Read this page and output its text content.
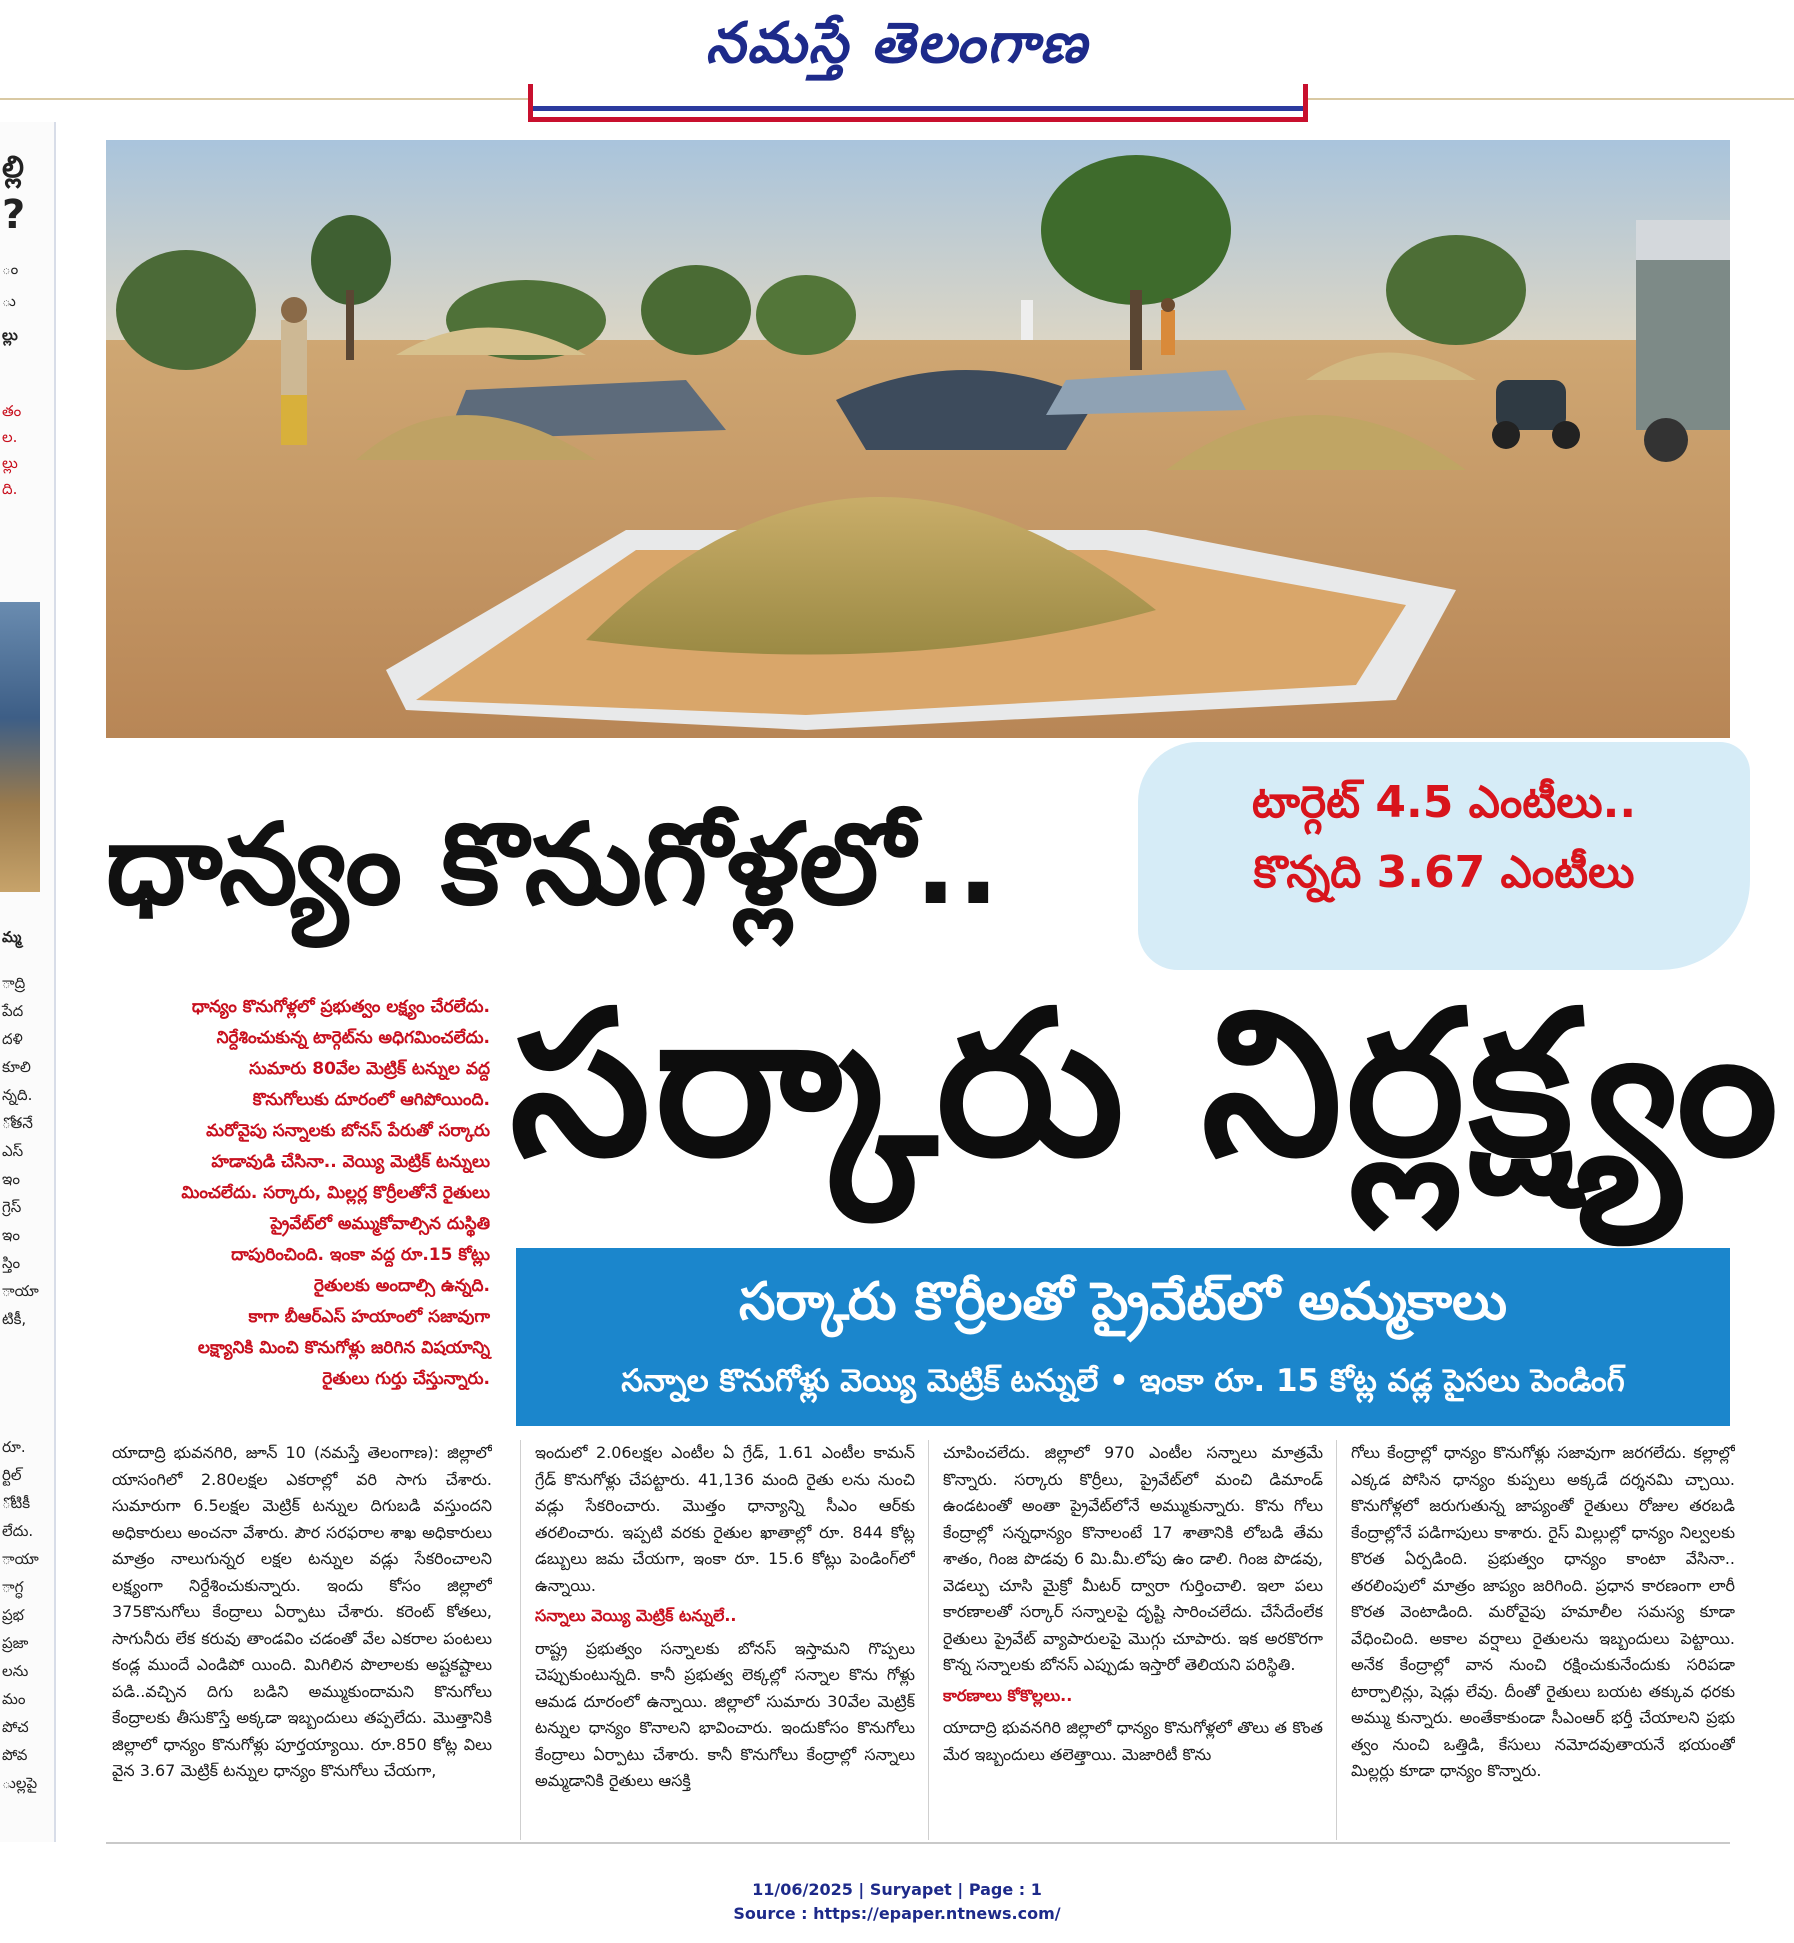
నమస్తే తెలంగాణ
ల్లి
?
ం
ు
ల్లు
తం
ల.
ల్లు
ది.
మ్మ
ాద్రి
పేద
దళి
కూలి
న్నది.
ోతనే
ఎస్
ఇం
గ్రెస్
ఇం
స్తిం
ాయా
టికీ,
రూ.
ర్టిల్
ోటికీ
లేదు.
ాయా
ాగ్ధ
ప్రభ
ప్రజా
లను
మం
పోచ
పోవ
ుల్లపై
ధాన్యం కొనుగోళ్లలో..	టార్గెట్ 4.5 ఎంటీలు..
కొన్నది 3.67 ఎంటీలు
సర్కారు నిర్లక్ష్యం
ధాన్యం కొనుగోళ్లలో ప్రభుత్వం లక్ష్యం చేరలేదు.
నిర్దేశించుకున్న టార్గెట్‌ను అధిగమించలేదు.
సుమారు 80వేల మెట్రిక్ టన్నుల వద్ద
కొనుగోలుకు దూరంలో ఆగిపోయింది.
మరోవైపు సన్నాలకు బోనస్ పేరుతో సర్కారు
హడావుడి చేసినా.. వెయ్యి మెట్రిక్ టన్నులు
మించలేదు. సర్కారు, మిల్లర్ల కొర్రీలతోనే రైతులు
ప్రైవేట్‌లో అమ్ముకోవాల్సిన దుస్థితి
దాపురించింది. ఇంకా వద్ద రూ.15 కోట్లు
రైతులకు అందాల్సి ఉన్నది.
కాగా బీఆర్ఎస్ హయాంలో సజావుగా
లక్ష్యానికి మించి కొనుగోళ్లు జరిగిన విషయాన్ని
రైతులు గుర్తు చేస్తున్నారు.
సర్కారు కొర్రీలతో ప్రైవేట్‌లో అమ్మకాలు
సన్నాల కొనుగోళ్లు వెయ్యి మెట్రిక్ టన్నులే • ఇంకా రూ. 15 కోట్ల వడ్ల పైసలు పెండింగ్

యాదాద్రి భువనగిరి, జూన్ 10 (నమస్తే తెలంగాణ): జిల్లాలో యాసంగిలో 2.80లక్షల ఎకరాల్లో వరి సాగు చేశారు. సుమారుగా 6.5లక్షల మెట్రిక్ టన్నుల దిగుబడి వస్తుందని అధికారులు అంచనా వేశారు. పౌర సరఫరాల శాఖ అధికారులు మాత్రం నాలుగున్నర లక్షల టన్నుల వడ్లు సేకరించాలని లక్ష్యంగా నిర్దేశించుకున్నారు. ఇందు కోసం జిల్లాలో 375కొనుగోలు కేంద్రాలు ఏర్పాటు చేశారు. కరెంట్ కోతలు, సాగునీరు లేక కరువు తాండవిం చడంతో వేల ఎకరాల పంటలు కండ్ల ముందే ఎండిపో యింది. మిగిలిన పొలాలకు అష్టకష్టాలు పడి..వచ్చిన దిగు బడిని అమ్ముకుందామని కొనుగోలు కేంద్రాలకు తీసుకొస్తే అక్కడా ఇబ్బందులు తప్పలేదు. మొత్తానికి జిల్లాలో ధాన్యం కొనుగోళ్లు పూర్తయ్యాయి. రూ.850 కోట్ల విలు వైన 3.67 మెట్రిక్ టన్నుల ధాన్యం కొనుగోలు చేయగా,

ఇందులో 2.06లక్షల ఎంటీల ఏ గ్రేడ్, 1.61 ఎంటీల కామన్ గ్రేడ్ కొనుగోళ్లు చేపట్టారు. 41,136 మంది రైతు లను నుంచి వడ్లు సేకరించారు. మొత్తం ధాన్యాన్ని సీఎం ఆర్‌కు తరలించారు. ఇప్పటి వరకు రైతుల ఖాతాల్లో రూ. 844 కోట్ల డబ్బులు జమ చేయగా, ఇంకా రూ. 15.6 కోట్లు పెండింగ్‌లో ఉన్నాయి.

సన్నాలు వెయ్యి మెట్రిక్ టన్నులే..

రాష్ట్ర ప్రభుత్వం సన్నాలకు బోనస్ ఇస్తామని గొప్పలు చెప్పుకుంటున్నది. కానీ ప్రభుత్వ లెక్కల్లో సన్నాల కొను గోళ్లు ఆమడ దూరంలో ఉన్నాయి. జిల్లాలో సుమారు 30వేల మెట్రిక్ టన్నుల ధాన్యం కొనాలని భావించారు. ఇందుకోసం కొనుగోలు కేంద్రాలు ఏర్పాటు చేశారు. కానీ కొనుగోలు కేంద్రాల్లో సన్నాలు అమ్మడానికి రైతులు ఆసక్తి

చూపించలేదు. జిల్లాలో 970 ఎంటీల సన్నాలు మాత్రమే కొన్నారు. సర్కారు కొర్రీలు, ప్రైవేట్‌లో మంచి డిమాండ్ ఉండటంతో అంతా ప్రైవేట్‌లోనే అమ్ముకున్నారు. కొను గోలు కేంద్రాల్లో సన్నధాన్యం కొనాలంటే 17 శాతానికి లోబడి తేమ శాతం, గింజ పొడవు 6 మి.మీ.లోపు ఉం డాలి. గింజ పొడవు, వెడల్పు చూసి మైక్రో మీటర్ ద్వారా గుర్తించాలి. ఇలా పలు కారణాలతో సర్కార్ సన్నాలపై దృష్టి సారించలేదు. చేసేదేంలేక రైతులు ప్రైవేట్ వ్యాపారులపై మొగ్గు చూపారు. ఇక అరకొరగా కొన్న సన్నాలకు బోనస్ ఎప్పుడు ఇస్తారో తెలియని పరిస్థితి.

కారణాలు కోకొల్లలు..

యాదాద్రి భువనగిరి జిల్లాలో ధాన్యం కొనుగోళ్లలో తొలు త కొంత మేర ఇబ్బందులు తలెత్తాయి. మెజారిటీ కొను

గోలు కేంద్రాల్లో ధాన్యం కొనుగోళ్లు సజావుగా జరగలేదు. కల్లాల్లో ఎక్కడ పోసిన ధాన్యం కుప్పలు అక్కడే దర్శనమి చ్చాయి. కొనుగోళ్లలో జరుగుతున్న జాప్యంతో రైతులు రోజుల తరబడి కేంద్రాల్లోనే పడిగాపులు కాశారు. రైస్ మిల్లుల్లో ధాన్యం నిల్వలకు కొరత ఏర్పడింది. ప్రభుత్వం ధాన్యం కాంటా వేసినా.. తరలింపులో మాత్రం జాప్యం జరిగింది. ప్రధాన కారణంగా లారీ కొరత వెంటాడింది. మరోవైపు హమాలీల సమస్య కూడా వేధించింది. అకాల వర్షాలు రైతులను ఇబ్బందులు పెట్టాయి. అనేక కేంద్రాల్లో వాన నుంచి రక్షించుకునేందుకు సరిపడా టార్పాలిన్లు, షెడ్లు లేవు. దీంతో రైతులు బయట తక్కువ ధరకు అమ్ము కున్నారు. అంతేకాకుండా సీఎంఆర్ భర్తీ చేయాలని ప్రభు త్వం నుంచి ఒత్తిడి, కేసులు నమోదవుతాయనే భయంతో మిల్లర్లు కూడా ధాన్యం కొన్నారు.

11/06/2025 | Suryapet | Page : 1
Source : https://epaper.ntnews.com/
